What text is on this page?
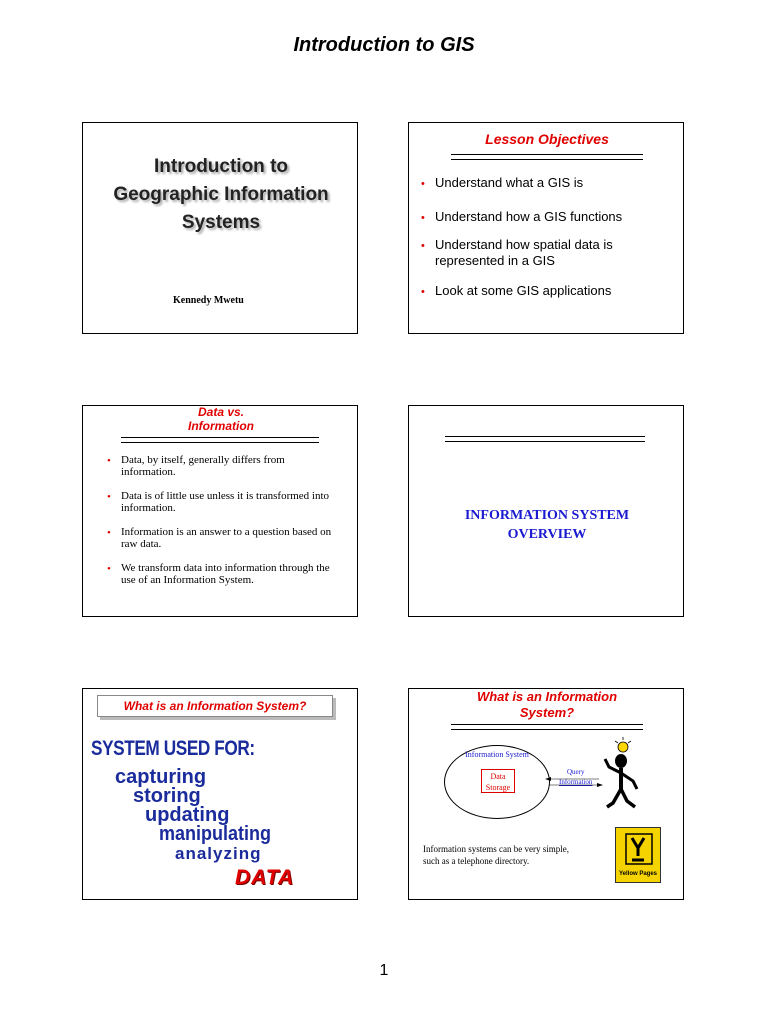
Introduction to GIS
Introduction to
Geographic Information
Systems
Kennedy Mwetu
Lesson Objectives
• Understand what a GIS is
• Understand how a GIS functions
• Understand how spatial data is represented in a GIS
• Look at some GIS applications
Data vs.
Information
• Data, by itself, generally differs from information.
• Data is of little use unless it is transformed into information.
• Information is an answer to a question based on raw data.
• We transform data into information through the use of an Information System.
INFORMATION SYSTEM
OVERVIEW
What is an Information System?
SYSTEM USED FOR:
capturing
storing
updating
manipulating
analyzing
DATA
What is an Information
System?
Information System
Data
Storage
Query
Information
Information systems can be very simple,
such as a telephone directory.
Yellow Pages
1
